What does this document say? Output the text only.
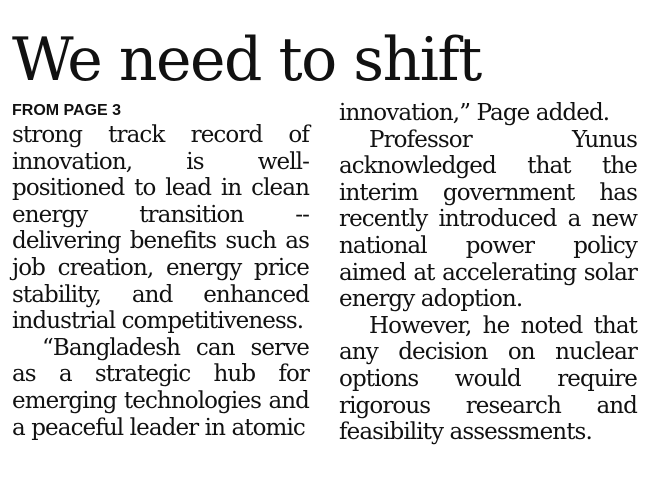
We need to shift
FROM PAGE 3

strong track record of innovation, is well-positioned to lead in clean energy transition -- delivering benefits such as job creation, energy price stability, and enhanced industrial competitiveness.

“Bangladesh can serve as a strategic hub for emerging technologies and a peaceful leader in atomic

innovation,” Page added.

Professor Yunus acknowledged that the interim government has recently introduced a new national power policy aimed at accelerating solar energy adoption.

However, he noted that any decision on nuclear options would require rigorous research and feasibility assessments.
